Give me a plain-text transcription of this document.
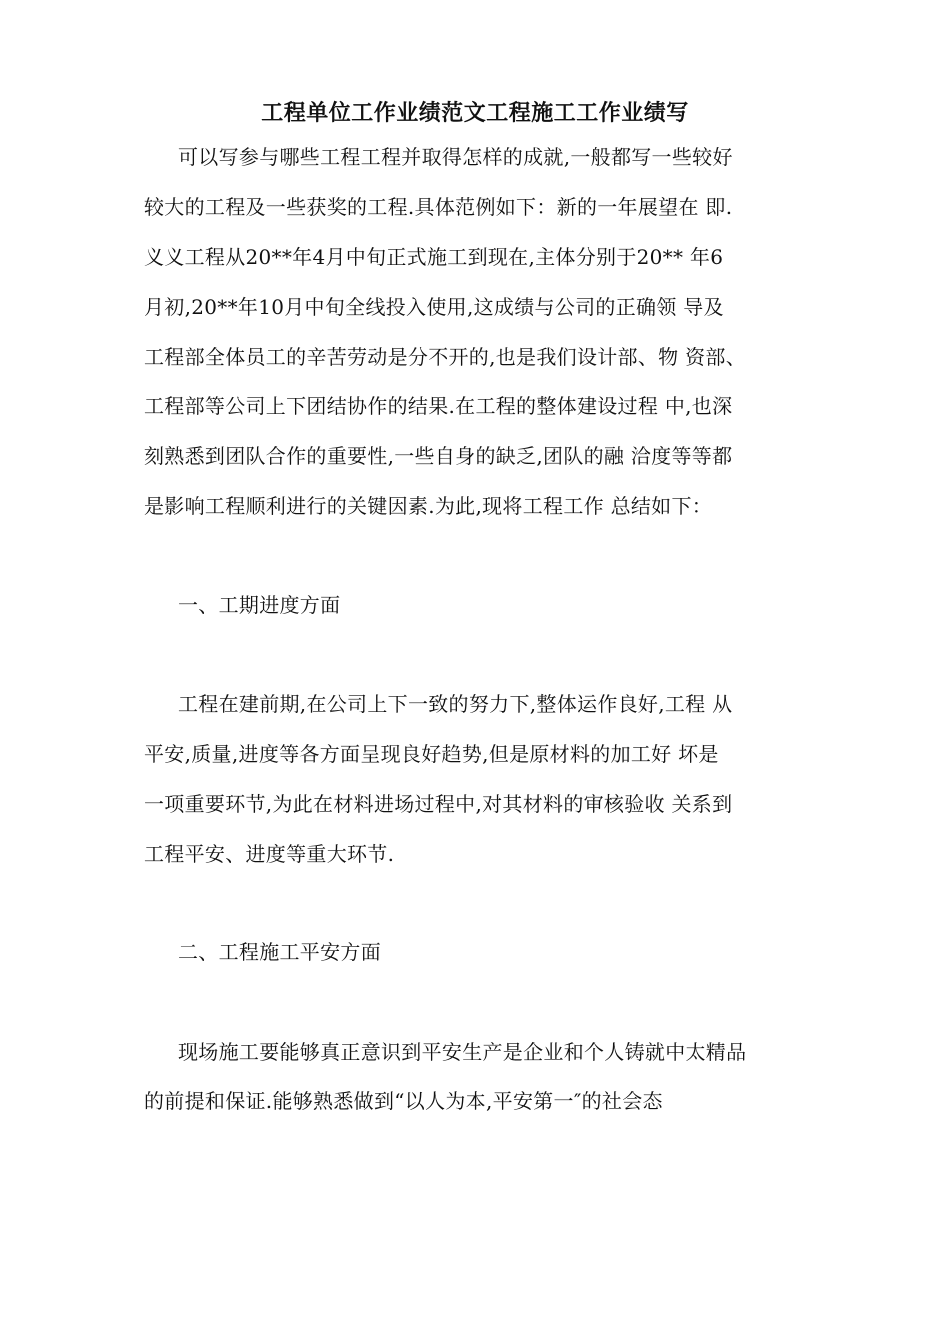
工程单位工作业绩范文工程施工工作业绩写
可以写参与哪些工程工程并取得怎样的成就,一般都写一些较好
较大的工程及一些获奖的工程.具体范例如下：新的一年展望在 即.
义义工程从20**年4月中旬正式施工到现在,主体分别于20** 年6
月初,20**年10月中旬全线投入使用,这成绩与公司的正确领 导及
工程部全体员工的辛苦劳动是分不开的,也是我们设计部、物 资部、
工程部等公司上下团结协作的结果.在工程的整体建设过程 中,也深
刻熟悉到团队合作的重要性,一些自身的缺乏,团队的融 洽度等等都
是影响工程顺利进行的关键因素.为此,现将工程工作 总结如下：
一、工期进度方面
工程在建前期,在公司上下一致的努力下,整体运作良好,工程 从
平安,质量,进度等各方面呈现良好趋势,但是原材料的加工好 坏是
一项重要环节,为此在材料进场过程中,对其材料的审核验收 关系到
工程平安、进度等重大环节.
二、工程施工平安方面
现场施工要能够真正意识到平安生产是企业和个人铸就中太精品
的前提和保证.能够熟悉做到“以人为本,平安第一″的社会态
